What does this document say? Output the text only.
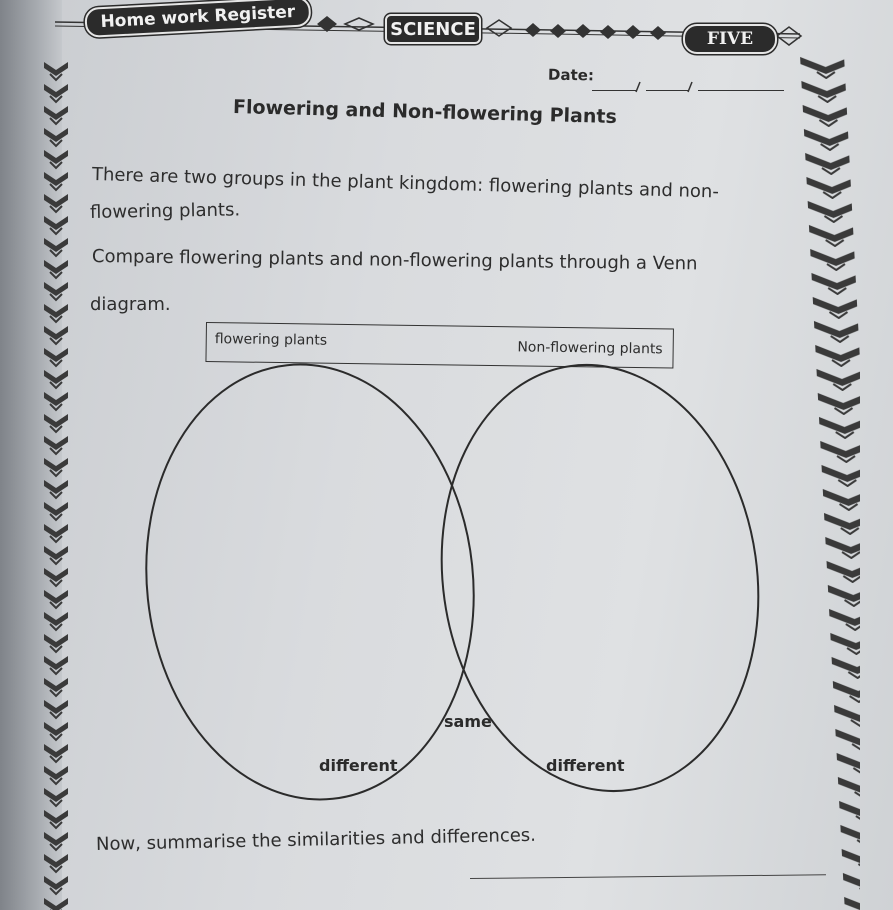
Home work Register	SCIENCE	FIVE
Date:
Flowering and Non-flowering Plants
There are two groups in the plant kingdom: flowering plants and non-
flowering plants.
Compare flowering plants and non-flowering plants through a Venn
diagram.
flowering plants	Non-flowering plants
different
same
different
Now, summarise the similarities and differences.
